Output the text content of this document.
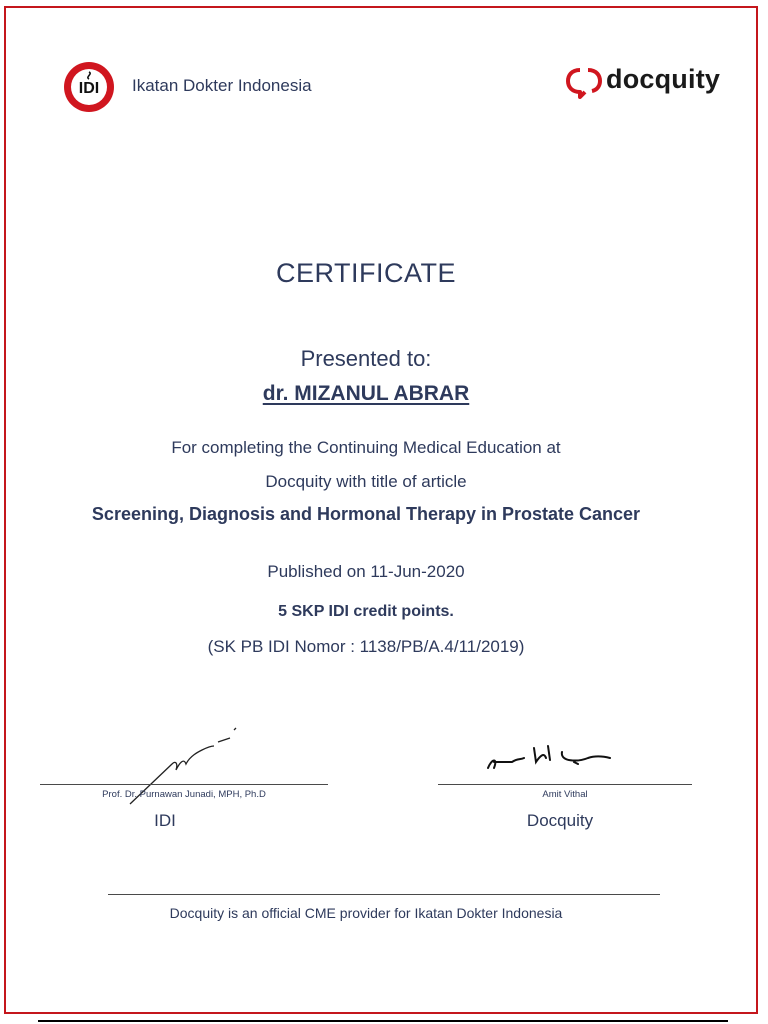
IDI Ikatan Dokter Indonesia	docquity
CERTIFICATE
Presented to:
dr. MIZANUL ABRAR
For completing the Continuing Medical Education at
Docquity with title of article
Screening, Diagnosis and Hormonal Therapy in Prostate Cancer
Published on 11-Jun-2020
5 SKP IDI credit points.
(SK PB IDI Nomor : 1138/PB/A.4/11/2019)
Prof. Dr. Purnawan Junadi, MPH, Ph.D	Amit Vithal
IDI	Docquity
Docquity is an official CME provider for Ikatan Dokter Indonesia
